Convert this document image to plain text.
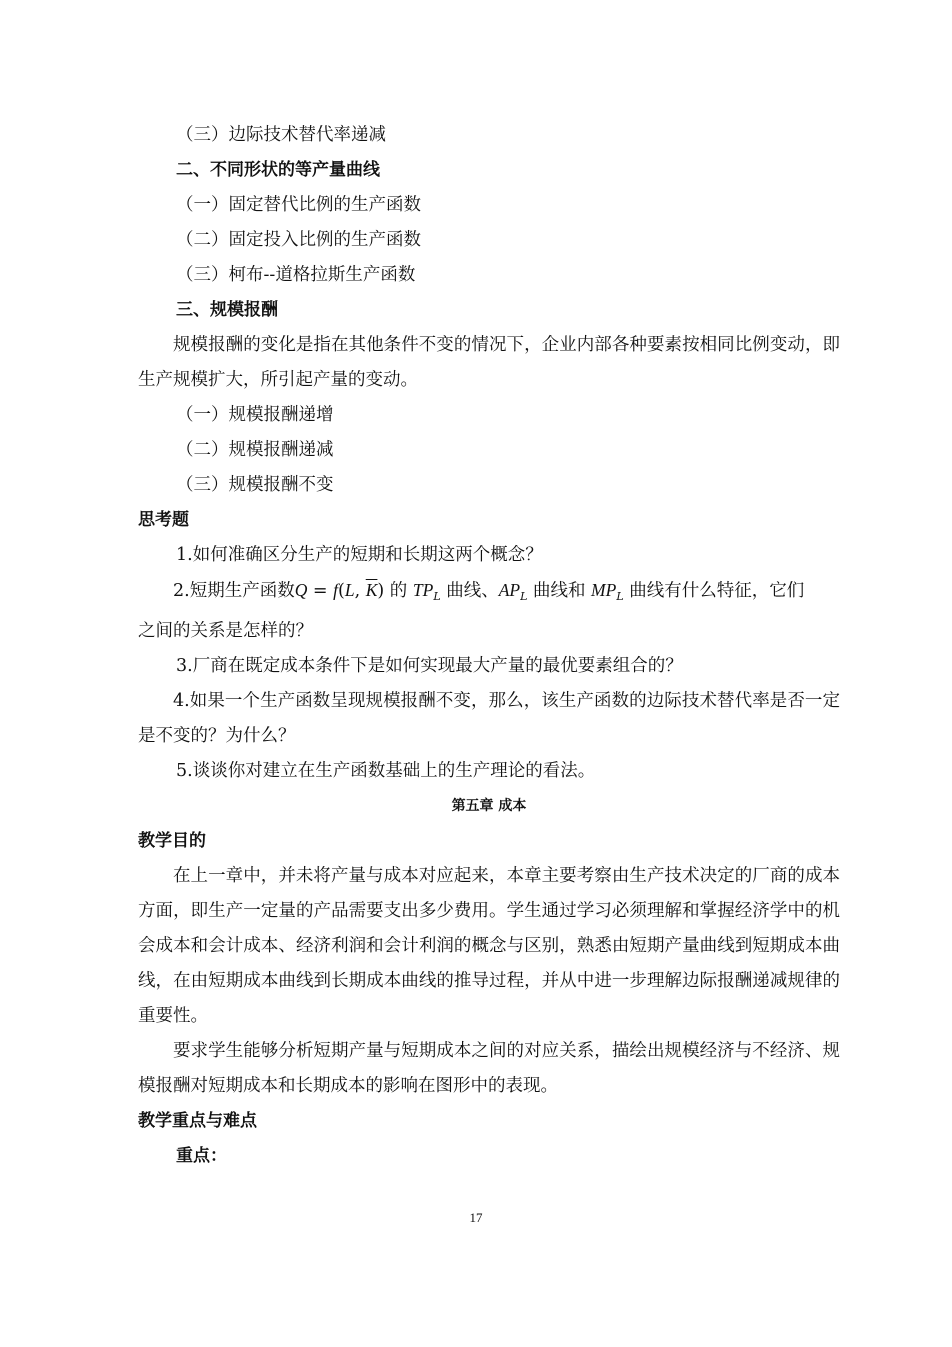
（三）边际技术替代率递减
二、不同形状的等产量曲线
（一）固定替代比例的生产函数
（二）固定投入比例的生产函数
（三）柯布--道格拉斯生产函数
三、规模报酬
规模报酬的变化是指在其他条件不变的情况下，企业内部各种要素按相同比例变动，即生产规模扩大，所引起产量的变动。
（一）规模报酬递增
（二）规模报酬递减
（三）规模报酬不变
思考题
1.如何准确区分生产的短期和长期这两个概念？
2.短期生产函数Q = f(L, $\overline{K}$) 的 $TP_L$ 曲线、$AP_L$ 曲线和 $MP_L$ 曲线有什么特征，它们
之间的关系是怎样的？
3.厂商在既定成本条件下是如何实现最大产量的最优要素组合的？
4.如果一个生产函数呈现规模报酬不变，那么，该生产函数的边际技术替代率是否一定是不变的？为什么？
5.谈谈你对建立在生产函数基础上的生产理论的看法。
第五章 成本
教学目的
在上一章中，并未将产量与成本对应起来，本章主要考察由生产技术决定的厂商的成本方面，即生产一定量的产品需要支出多少费用。学生通过学习必须理解和掌握经济学中的机会成本和会计成本、经济利润和会计利润的概念与区别，熟悉由短期产量曲线到短期成本曲线，在由短期成本曲线到长期成本曲线的推导过程，并从中进一步理解边际报酬递减规律的重要性。
要求学生能够分析短期产量与短期成本之间的对应关系，描绘出规模经济与不经济、规模报酬对短期成本和长期成本的影响在图形中的表现。
教学重点与难点
重点：
17
